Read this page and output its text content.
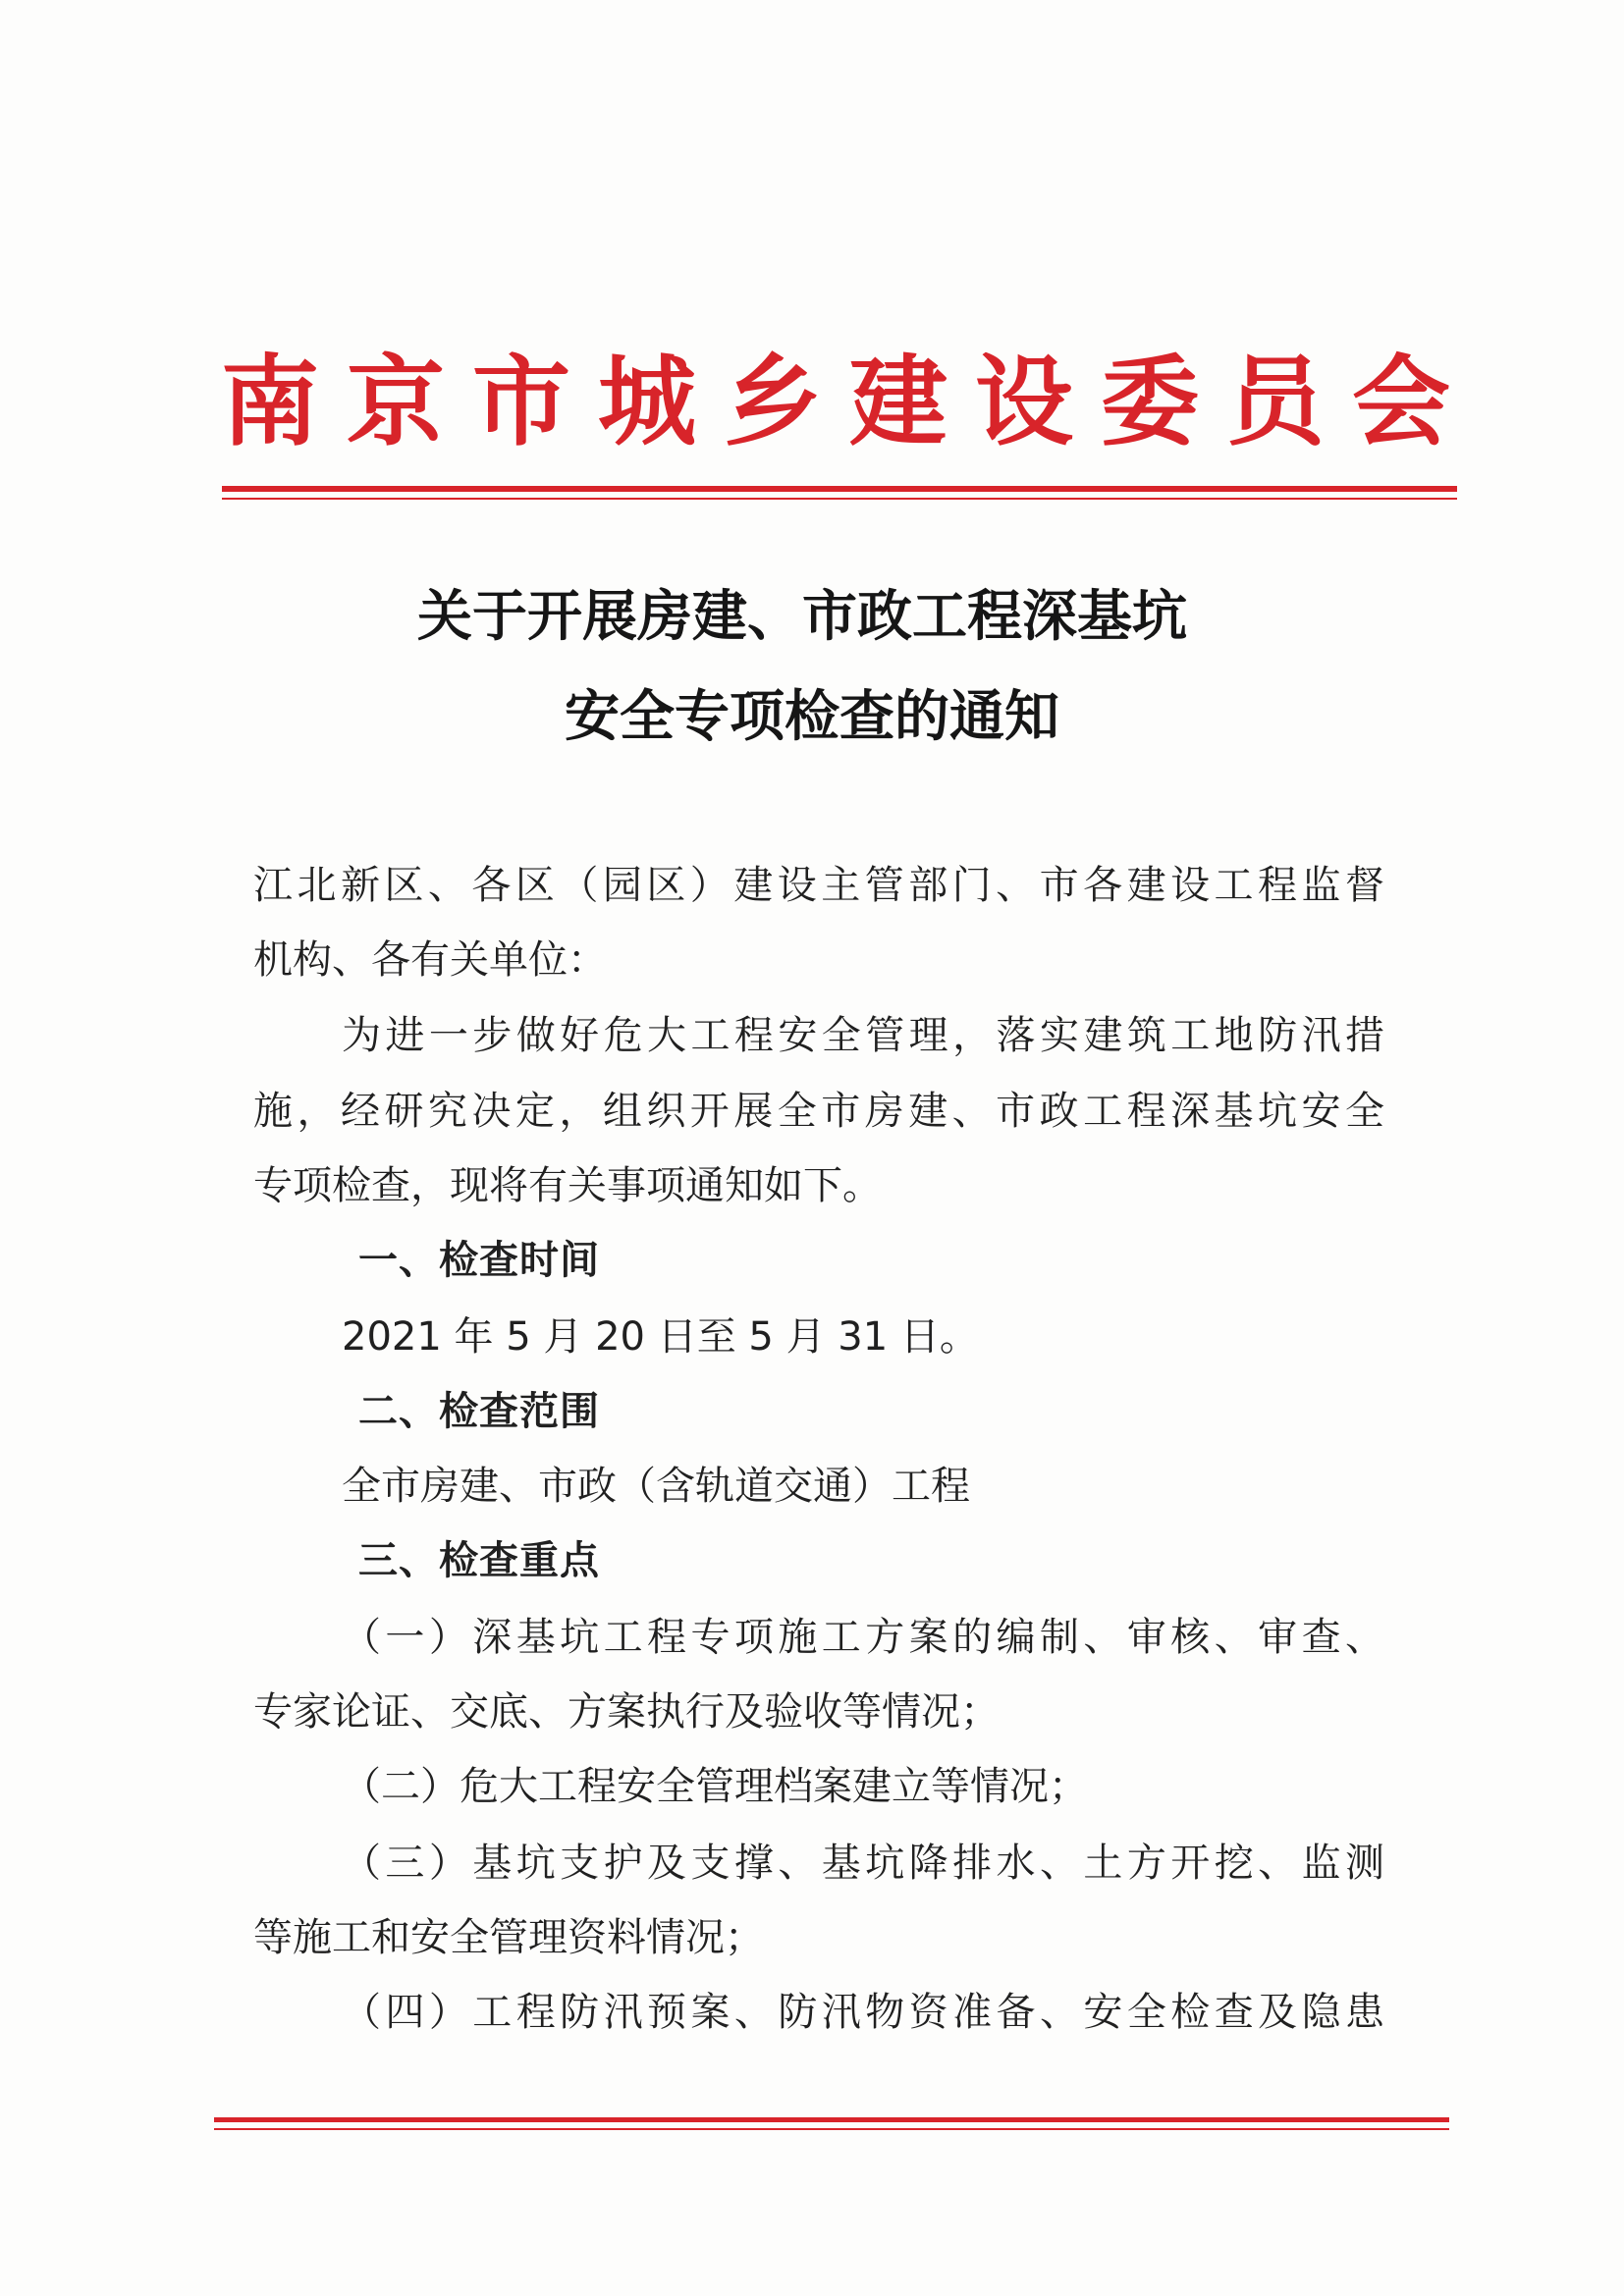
南京市城乡建设委员会
关于开展房建、市政工程深基坑
安全专项检查的通知

江北新区、各区（园区）建设主管部门、市各建设工程监督

机构、各有关单位：

为进一步做好危大工程安全管理，落实建筑工地防汛措

施，经研究决定，组织开展全市房建、市政工程深基坑安全

专项检查，现将有关事项通知如下。

一、检查时间

2021 年 5 月 20 日至 5 月 31 日。

二、检查范围

全市房建、市政（含轨道交通）工程

三、检查重点

（一）深基坑工程专项施工方案的编制、审核、审查、

专家论证、交底、方案执行及验收等情况；

（二）危大工程安全管理档案建立等情况；

（三）基坑支护及支撑、基坑降排水、土方开挖、监测

等施工和安全管理资料情况；

（四）工程防汛预案、防汛物资准备、安全检查及隐患
